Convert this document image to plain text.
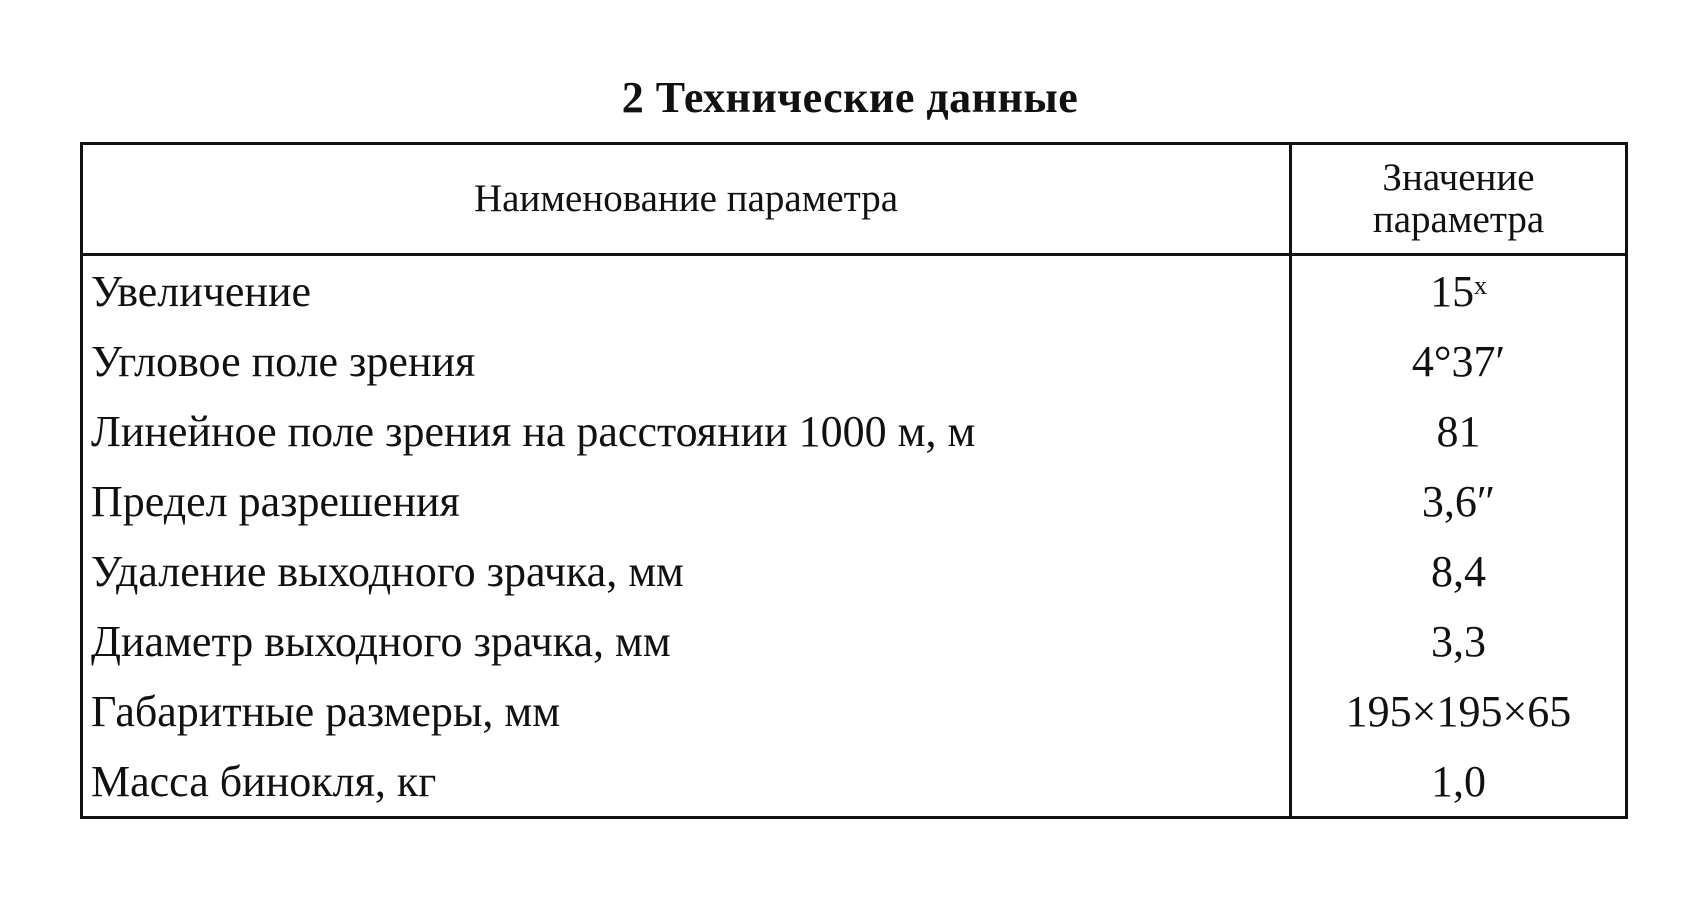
2 Технические данные
Наименование параметра	Значение
параметра
Увеличение	15ˣ
Угловое поле зрения	4°37′
Линейное поле зрения на расстоянии 1000 м, м	81
Предел разрешения	3,6″
Удаление выходного зрачка, мм	8,4
Диаметр выходного зрачка, мм	3,3
Габаритные размеры, мм	195×195×65
Масса бинокля, кг	1,0
